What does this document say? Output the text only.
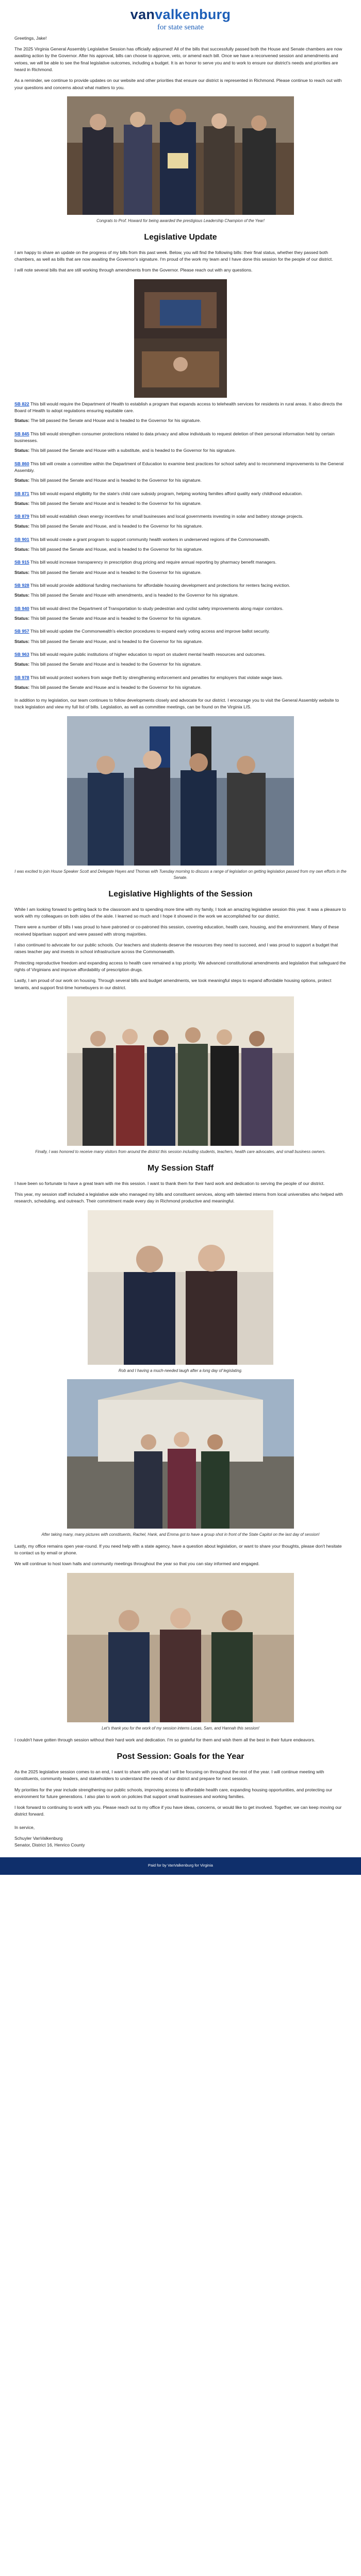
vanvalkenburg
for state senate

Greetings, Jake!

The 2025 Virginia General Assembly Legislative Session has officially adjourned! All of the bills that successfully passed both the House and Senate chambers are now awaiting action by the Governor. After his approval, bills can choose to approve, veto, or amend each bill. Once we have a reconvened session and amendments and vetoes, we will be able to see the final legislative outcomes, including a budget. It is an honor to serve you and to work to ensure our district's needs and priorities are heard in Richmond.

As a reminder, we continue to provide updates on our website and other priorities that ensure our district is represented in Richmond. Please continue to reach out with your questions and concerns about what matters to you.

Congrats to Prof. Howard for being awarded the prestigious Leadership Champion of the Year!
Legislative Update

I am happy to share an update on the progress of my bills from this past week. Below, you will find the following bills: their final status, whether they passed both chambers, as well as bills that are now awaiting the Governor's signature. I'm proud of the work my team and I have done this session for the people of our district.

I will note several bills that are still working through amendments from the Governor. Please reach out with any questions.

SB 822 This bill would require the Department of Health to establish a program that expands access to telehealth services for residents in rural areas. It also directs the Board of Health to adopt regulations ensuring equitable care.

Status: The bill passed the Senate and House and is headed to the Governor for his signature.

SB 845 This bill would strengthen consumer protections related to data privacy and allow individuals to request deletion of their personal information held by certain businesses.

Status: This bill passed the Senate and House with a substitute, and is headed to the Governor for his signature.

SB 860 This bill will create a committee within the Department of Education to examine best practices for school safety and to recommend improvements to the General Assembly.

Status: This bill passed the Senate and House and is headed to the Governor for his signature.

SB 871 This bill would expand eligibility for the state's child care subsidy program, helping working families afford quality early childhood education.

Status: This bill passed the Senate and House and is headed to the Governor for his signature.

SB 879 This bill would establish clean energy incentives for small businesses and local governments investing in solar and battery storage projects.

Status: This bill passed the Senate and House, and is headed to the Governor for his signature.

SB 901 This bill would create a grant program to support community health workers in underserved regions of the Commonwealth.

Status: This bill passed the Senate and House, and is headed to the Governor for his signature.

SB 915 This bill would increase transparency in prescription drug pricing and require annual reporting by pharmacy benefit managers.

Status: This bill passed the Senate and House and is headed to the Governor for his signature.

SB 928 This bill would provide additional funding mechanisms for affordable housing development and protections for renters facing eviction.

Status: This bill passed the Senate and House with amendments, and is headed to the Governor for his signature.

SB 940 This bill would direct the Department of Transportation to study pedestrian and cyclist safety improvements along major corridors.

Status: This bill passed the Senate and House and is headed to the Governor for his signature.

SB 957 This bill would update the Commonwealth's election procedures to expand early voting access and improve ballot security.

Status: This bill passed the Senate and House, and is headed to the Governor for his signature.

SB 963 This bill would require public institutions of higher education to report on student mental health resources and outcomes.

Status: This bill passed the Senate and House and is headed to the Governor for his signature.

SB 978 This bill would protect workers from wage theft by strengthening enforcement and penalties for employers that violate wage laws.

Status: This bill passed the Senate and House and is headed to the Governor for his signature.

In addition to my legislation, our team continues to follow developments closely and advocate for our district. I encourage you to visit the General Assembly website to track legislation and view my full list of bills. Legislation, as well as committee meetings, can be found on the Virginia LIS.

I was excited to join House Speaker Scott and Delegate Hayes and Thomas with Tuesday morning to discuss a range of legislation on getting legislation passed from my own efforts in the Senate.
Legislative Highlights of the Session

While I am looking forward to getting back to the classroom and to spending more time with my family, I took an amazing legislative session this year. It was a pleasure to work with my colleagues on both sides of the aisle. I learned so much and I hope it showed in the work we accomplished for our district.

There were a number of bills I was proud to have patroned or co-patroned this session, covering education, health care, housing, and the environment. Many of these received bipartisan support and were passed with strong majorities.

I also continued to advocate for our public schools. Our teachers and students deserve the resources they need to succeed, and I was proud to support a budget that raises teacher pay and invests in school infrastructure across the Commonwealth.

Protecting reproductive freedom and expanding access to health care remained a top priority. We advanced constitutional amendments and legislation that safeguard the rights of Virginians and improve affordability of prescription drugs.

Lastly, I am proud of our work on housing. Through several bills and budget amendments, we took meaningful steps to expand affordable housing options, protect tenants, and support first-time homebuyers in our district.

Finally, I was honored to receive many visitors from around the district this session including students, teachers, health care advocates, and small business owners.
My Session Staff

I have been so fortunate to have a great team with me this session. I want to thank them for their hard work and dedication to serving the people of our district.

This year, my session staff included a legislative aide who managed my bills and constituent services, along with talented interns from local universities who helped with research, scheduling, and outreach. Their commitment made every day in Richmond productive and meaningful.

Rob and I having a much-needed laugh after a long day of legislating.
After taking many, many pictures with constituents, Rachel, Hank, and Emma got to have a group shot in front of the State Capitol on the last day of session!

Lastly, my office remains open year-round. If you need help with a state agency, have a question about legislation, or want to share your thoughts, please don't hesitate to contact us by email or phone.

We will continue to host town halls and community meetings throughout the year so that you can stay informed and engaged.

Let's thank you for the work of my session interns Lucas, Sam, and Hannah this session!

I couldn't have gotten through session without their hard work and dedication. I'm so grateful for them and wish them all the best in their future endeavors.

Post Session: Goals for the Year

As the 2025 legislative session comes to an end, I want to share with you what I will be focusing on throughout the rest of the year. I will continue meeting with constituents, community leaders, and stakeholders to understand the needs of our district and prepare for next session.

My priorities for the year include strengthening our public schools, improving access to affordable health care, expanding housing opportunities, and protecting our environment for future generations. I also plan to work on policies that support small businesses and working families.

I look forward to continuing to work with you. Please reach out to my office if you have ideas, concerns, or would like to get involved. Together, we can keep moving our district forward.

In service,

Schuyler VanValkenburg
Senator, District 16, Henrico County
Paid for by VanValkenburg for Virginia
